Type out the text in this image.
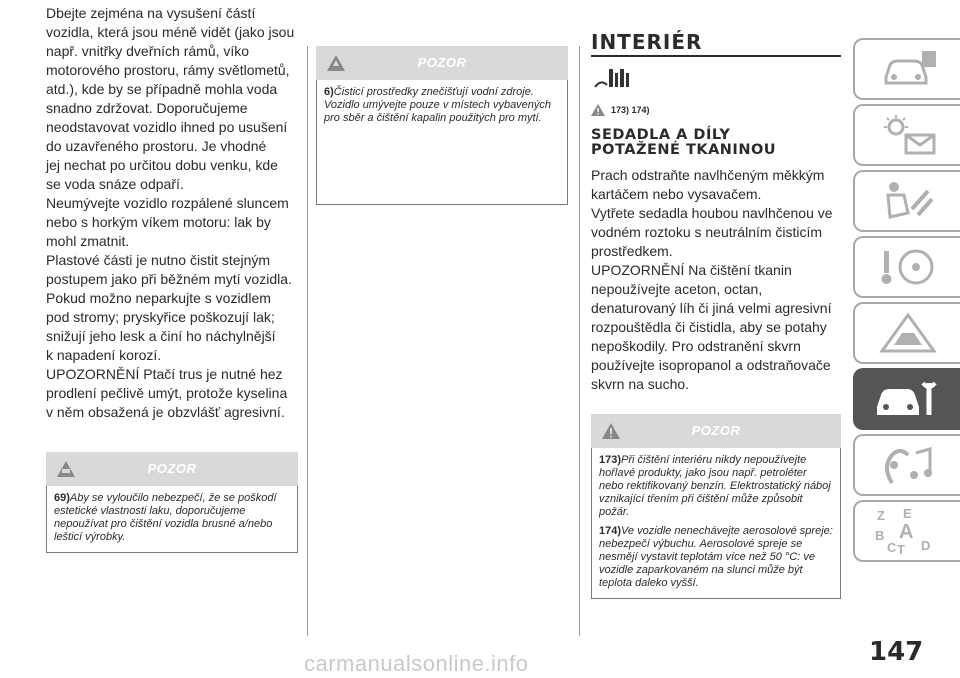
Dbejte zejména na vysušení částí

vozidla, která jsou méně vidět (jako jsou

např. vnitřky dveřních rámů, víko

motorového prostoru, rámy světlometů,

atd.), kde by se případně mohla voda

snadno zdržovat. Doporučujeme

neodstavovat vozidlo ihned po usušení

do uzavřeného prostoru. Je vhodné

jej nechat po určitou dobu venku, kde

se voda snáze odpaří.

Neumývejte vozidlo rozpálené sluncem

nebo s horkým víkem motoru: lak by

mohl zmatnit.

Plastové části je nutno čistit stejným

postupem jako při běžném mytí vozidla.

Pokud možno neparkujte s vozidlem

pod stromy; pryskyřice poškozují lak;

snižují jeho lesk a činí ho náchylnější

k napadení korozí.

UPOZORNĚNÍ Ptačí trus je nutné hez

prodlení pečlivě umýt, protože kyselina

v něm obsažená je obzvlášť agresivní.

POZOR

69)Aby se vyloučilo nebezpečí, že se poškodí estetické vlastnosti laku, doporučujeme nepoužívat pro čištění vozidla brusné a/nebo lešticí výrobky.

POZOR

6)Čisticí prostředky znečišťují vodní zdroje. Vozidlo umývejte pouze v místech vybavených pro sběr a čištění kapalin použitých pro mytí.

INTERIÉR
173) 174)
SEDADLA A DÍLY
POTAŽENÉ TKANINOU

Prach odstraňte navlhčeným měkkým

kartáčem nebo vysavačem.

Vytřete sedadla houbou navlhčenou ve

vodném roztoku s neutrálním čisticím

prostředkem.

UPOZORNĚNÍ Na čištění tkanin

nepoužívejte aceton, octan,

denaturovaný líh či jiná velmi agresivní

rozpouštědla či čistidla, aby se potahy

nepoškodily. Pro odstranění skvrn

používejte isopropanol a odstraňovače

skvrn na sucho.

POZOR

173)Při čištění interiéru nikdy nepoužívejte hořlavé produkty, jako jsou např. petroléter nebo rektifikovaný benzín. Elektrostatický náboj vznikající třením při čištění může způsobit požár.

174)Ve vozidle nenechávejte aerosolové spreje: nebezpečí výbuchu. Aerosolové spreje se nesmějí vystavit teplotám více než 50 °C: ve vozidle zaparkovaném na slunci může být teplota daleko vyšší.

Z E
B A
C T D
147
carmanualsonline.info
